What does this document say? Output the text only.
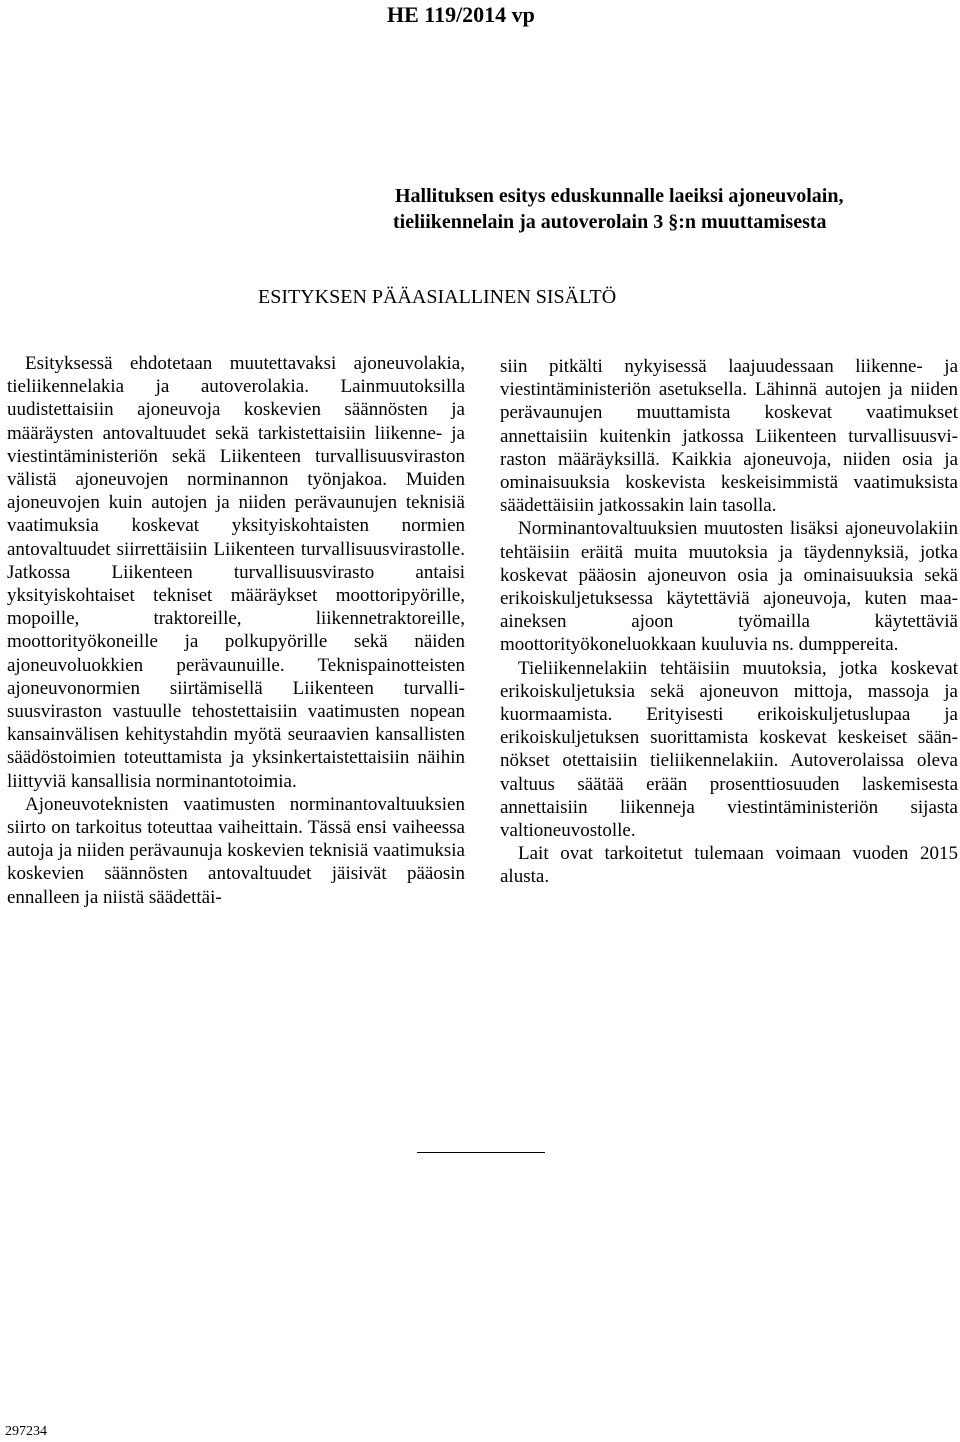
HE 119/2014 vp
Hallituksen esitys eduskunnalle laeiksi ajoneuvolain,
tieliikennelain ja autoverolain 3 §:n muuttamisesta
ESITYKSEN PÄÄASIALLINEN SISÄLTÖ

Esityksessä ehdotetaan muutettavaksi ajoneuvolakia, tieliikennelakia ja autoverolakia. Lainmuutoksilla uudistettaisiin ajoneuvoja koskevien säännösten ja määräysten antovaltuudet sekä tarkistettaisiin liikenne- ja viestintäministeriön sekä Liikenteen turvallisuusviraston välistä ajoneuvojen norminannon työnjakoa. Muiden ajoneuvojen kuin autojen ja niiden perävaunujen teknisiä vaatimuksia koskevat yksityiskohtaisten normien antovaltuudet siirrettäisiin Liikenteen turvallisuusvirastolle. Jatkossa Liikenteen turvallisuusvirasto antaisi yksityiskohtaiset tekniset määräykset moottoripyörille, mopoille, traktoreille, liikennetraktoreille, moottorityökoneille ja polkupyörille sekä näiden ajoneuvoluokkien perävaunuille. Teknispainotteisten ajoneuvonormien siirtämisellä Liikenteen turvallisuusviraston vastuulle tehostettaisiin vaatimusten nopean kansainvälisen kehitystahdin myötä seuraavien kansallisten säädöstoimien toteuttamista ja yksinkertaistettaisiin näihin liittyviä kansallisia norminantotoimia.

Ajoneuvoteknisten vaatimusten norminantovaltuuksien siirto on tarkoitus toteuttaa vaiheittain. Tässä ensi vaiheessa autoja ja niiden perävaunuja koskevien teknisiä vaatimuksia koskevien säännösten antovaltuudet jäisivät pääosin ennalleen ja niistä säädettäi-

siin pitkälti nykyisessä laajuudessaan liikenne- ja viestintäministeriön asetuksella. Lähinnä autojen ja niiden perävaunujen muuttamista koskevat vaatimukset annettaisiin kuitenkin jatkossa Liikenteen turvallisuusviraston määräyksillä. Kaikkia ajoneuvoja, niiden osia ja ominaisuuksia koskevista keskeisimmistä vaatimuksista säädettäisiin jatkossakin lain tasolla.

Norminantovaltuuksien muutosten lisäksi ajoneuvolakiin tehtäisiin eräitä muita muutoksia ja täydennyksiä, jotka koskevat pääosin ajoneuvon osia ja ominaisuuksia sekä erikoiskuljetuksessa käytettäviä ajoneuvoja, kuten maa-aineksen ajoon työmailla käytettäviä moottorityökoneluokkaan kuuluvia ns. dumppereita.

Tieliikennelakiin tehtäisiin muutoksia, jotka koskevat erikoiskuljetuksia sekä ajoneuvon mittoja, massoja ja kuormaamista. Erityisesti erikoiskuljetuslupaa ja erikoiskuljetuksen suorittamista koskevat keskeiset säännökset otettaisiin tieliikennelakiin. Autoverolaissa oleva valtuus säätää erään prosenttiosuuden laskemisesta annettaisiin liikenneja viestintäministeriön sijasta valtioneuvostolle.

Lait ovat tarkoitetut tulemaan voimaan vuoden 2015 alusta.

297234
